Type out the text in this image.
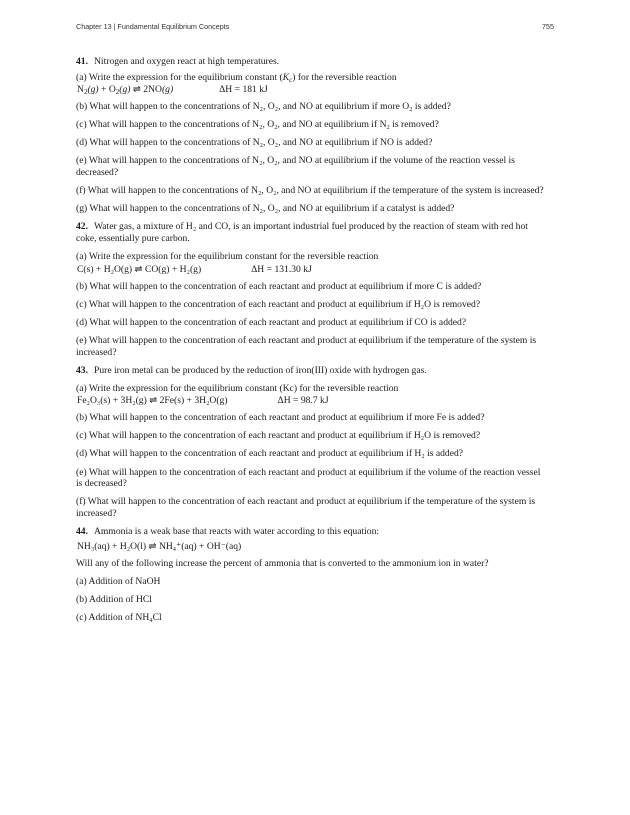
Chapter 13 | Fundamental Equilibrium Concepts	755

41. Nitrogen and oxygen react at high temperatures.

(a) Write the expression for the equilibrium constant $(K_c)$ for the reversible reaction

$N_2(g) + O_2(g)$ ⇌ 2NO(g)	ΔH = 181 kJ

(b) What will happen to the concentrations of N₂, O₂, and NO at equilibrium if more O₂ is added?

(c) What will happen to the concentrations of N₂, O₂, and NO at equilibrium if N₂ is removed?

(d) What will happen to the concentrations of N₂, O₂, and NO at equilibrium if NO is added?

(e) What will happen to the concentrations of N₂, O₂, and NO at equilibrium if the volume of the reaction vessel is decreased?

(f) What will happen to the concentrations of N₂, O₂, and NO at equilibrium if the temperature of the system is increased?

(g) What will happen to the concentrations of N₂, O₂, and NO at equilibrium if a catalyst is added?

42. Water gas, a mixture of H₂ and CO, is an important industrial fuel produced by the reaction of steam with red hot coke, essentially pure carbon.

(a) Write the expression for the equilibrium constant for the reversible reaction

C(s) + H₂O(g) ⇌ CO(g) + H₂(g)	ΔH = 131.30 kJ

(b) What will happen to the concentration of each reactant and product at equilibrium if more C is added?

(c) What will happen to the concentration of each reactant and product at equilibrium if H₂O is removed?

(d) What will happen to the concentration of each reactant and product at equilibrium if CO is added?

(e) What will happen to the concentration of each reactant and product at equilibrium if the temperature of the system is increased?

43. Pure iron metal can be produced by the reduction of iron(III) oxide with hydrogen gas.

(a) Write the expression for the equilibrium constant (Kc) for the reversible reaction

Fe₂O₃(s) + 3H₂(g) ⇌ 2Fe(s) + 3H₂O(g)	ΔH = 98.7 kJ

(b) What will happen to the concentration of each reactant and product at equilibrium if more Fe is added?

(c) What will happen to the concentration of each reactant and product at equilibrium if H₂O is removed?

(d) What will happen to the concentration of each reactant and product at equilibrium if H₂ is added?

(e) What will happen to the concentration of each reactant and product at equilibrium if the volume of the reaction vessel is decreased?

(f) What will happen to the concentration of each reactant and product at equilibrium if the temperature of the system is increased?

44. Ammonia is a weak base that reacts with water according to this equation:

NH₃(aq) + H₂O(l) ⇌ NH₄⁺(aq) + OH⁻(aq)

Will any of the following increase the percent of ammonia that is converted to the ammonium ion in water?

(a) Addition of NaOH

(b) Addition of HCl

(c) Addition of NH₄Cl
